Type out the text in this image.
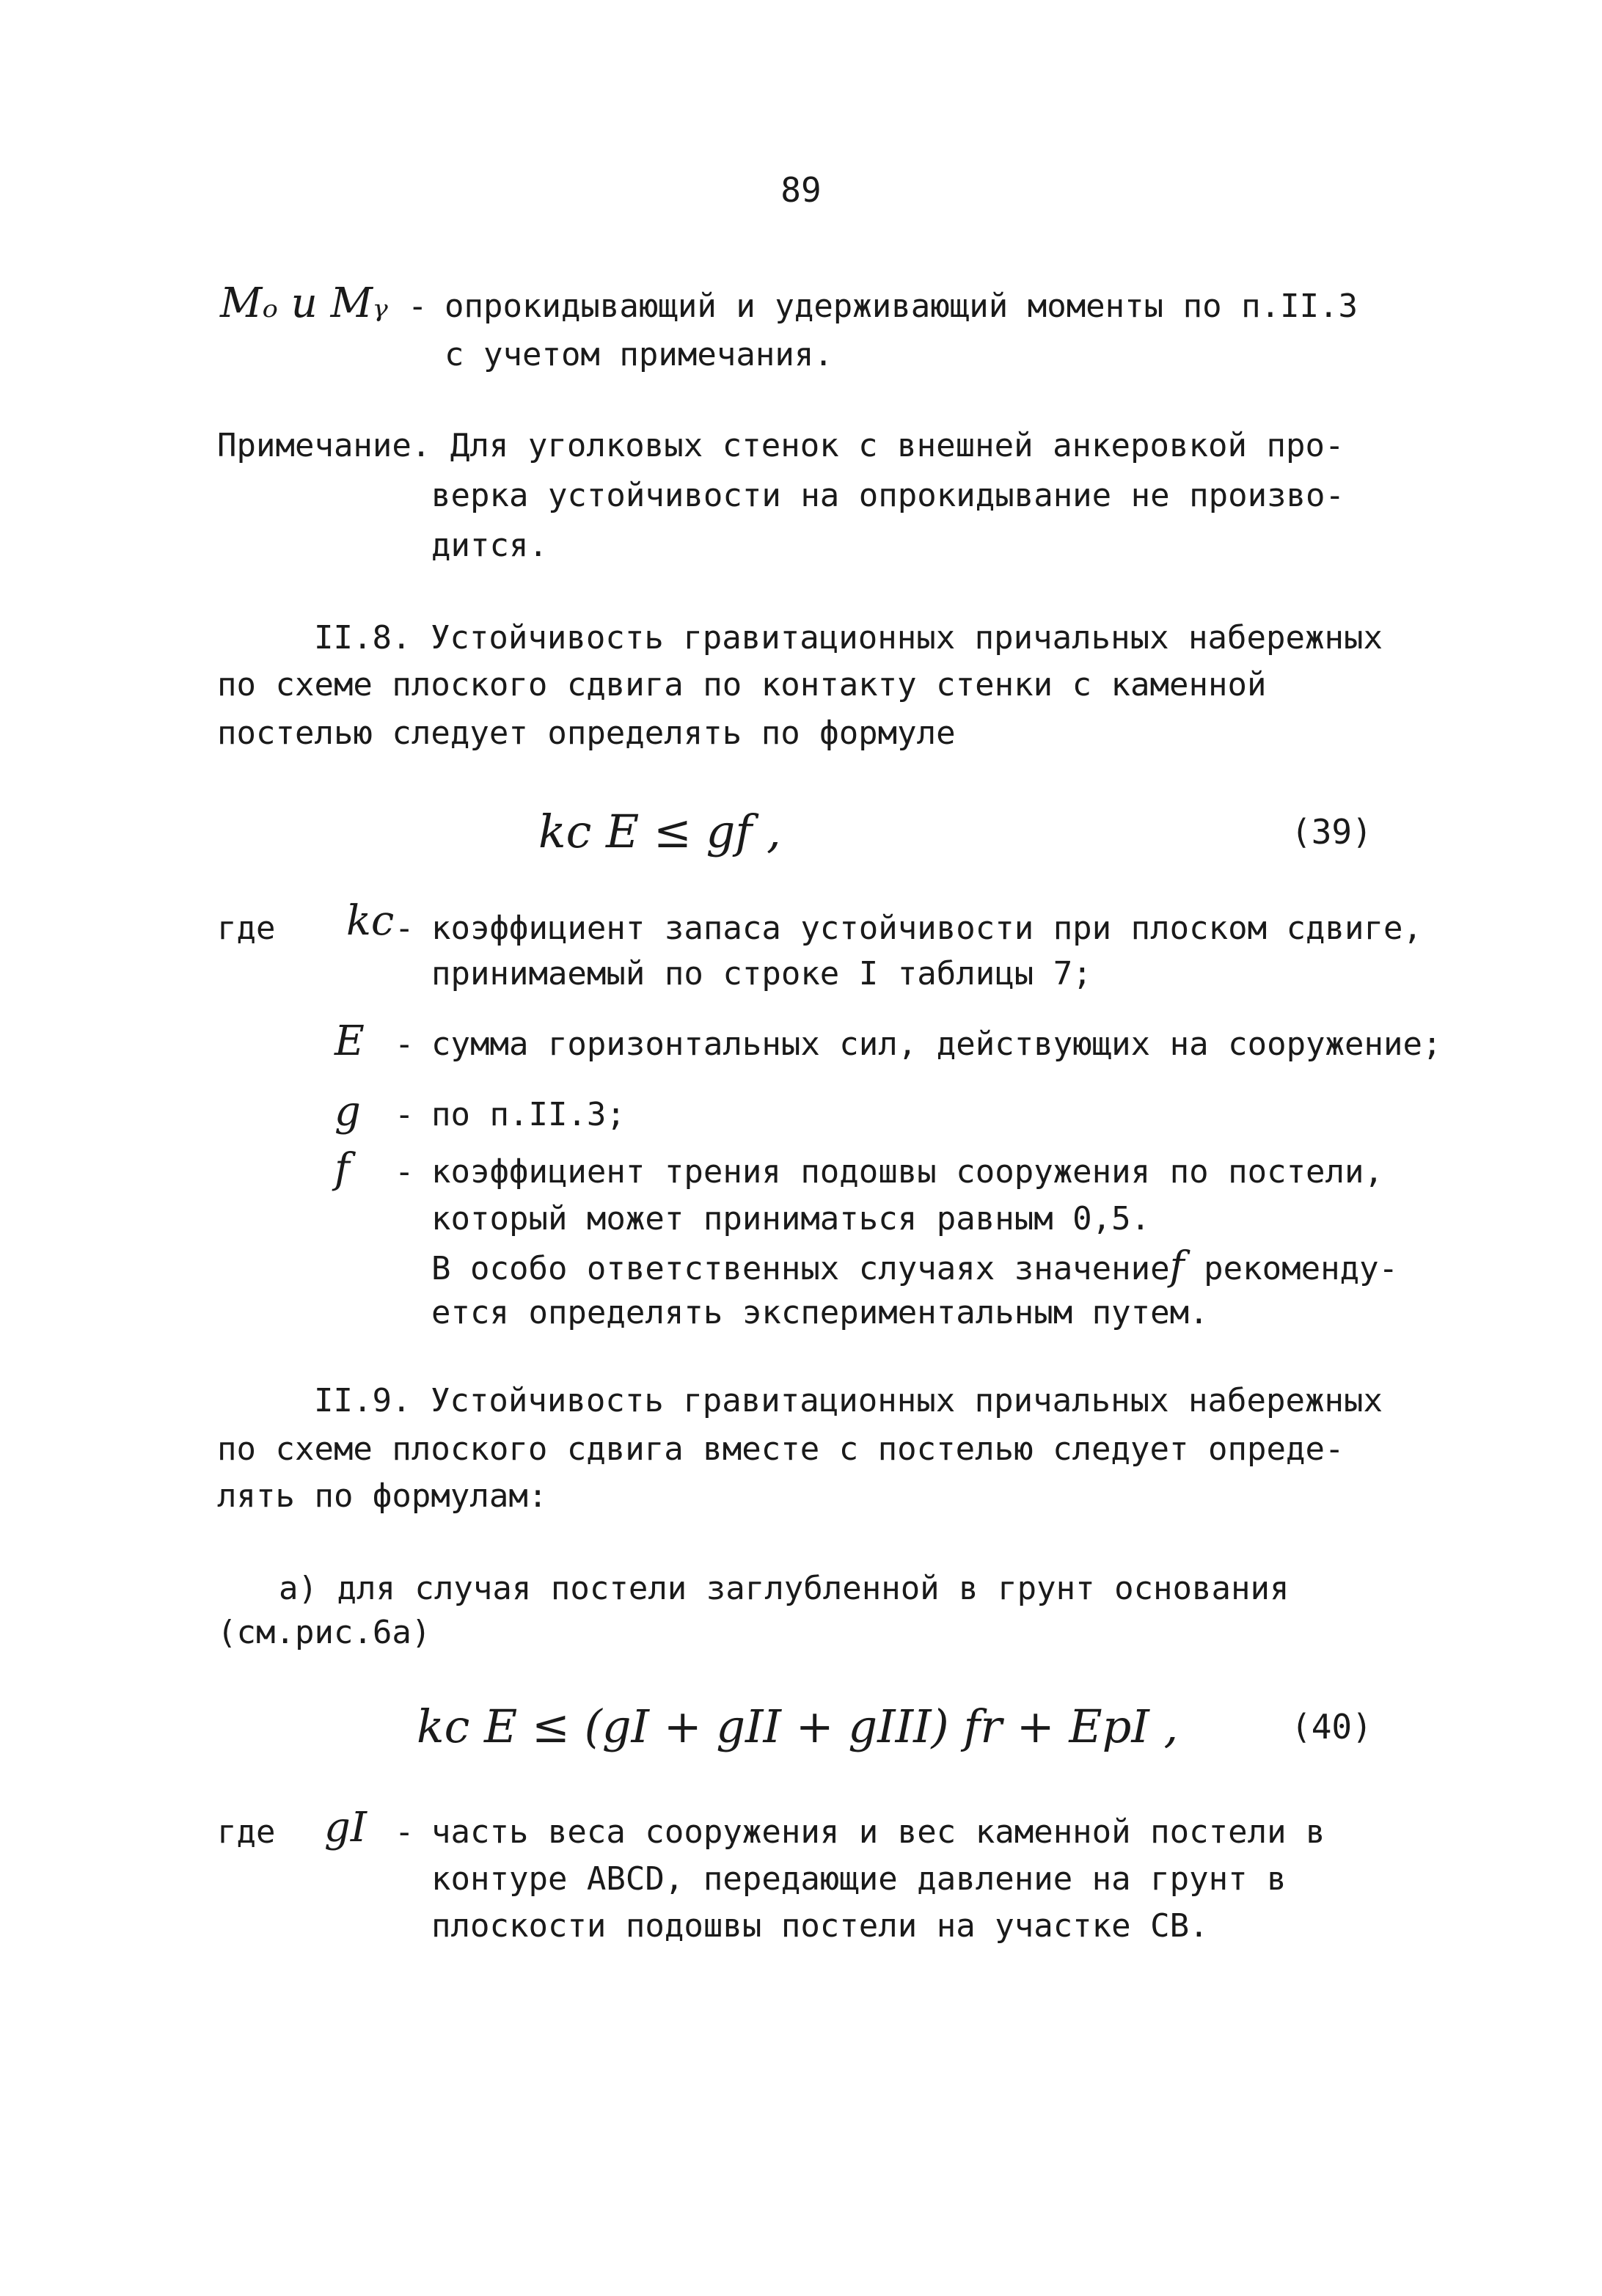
89
Mₒ и Mᵧ - опрокидывающий и удерживающий моменты по п.II.3
с учетом примечания.
Примечание. Для уголковых стенок с внешней анкеровкой про-
верка устойчивости на опрокидывание не произво-
дится.
II.8. Устойчивость гравитационных причальных набережных
по схеме плоского сдвига по контакту стенки с каменной
постелью следует определять по формуле
kc E ≤ gf ,	(39)
где kc - коэффициент запаса устойчивости при плоском сдвиге,
принимаемый по строке I таблицы 7;
E - сумма горизонтальных сил, действующих на сооружение;
g - по п.II.3;
f - коэффициент трения подошвы сооружения по постели,
который может приниматься равным 0,5.
В особо ответственных случаях значениеf рекоменду-
ется определять экспериментальным путем.
II.9. Устойчивость гравитационных причальных набережных
по схеме плоского сдвига вместе с постелью следует опреде-
лять по формулам:
а) для случая постели заглубленной в грунт основания
(см.рис.6а)
kc E ≤ (gI + gII + gIII) fr + EpI ,	(40)
где gI - часть веса сооружения и вес каменной постели в
контуре ABCD, передающие давление на грунт в
плоскости подошвы постели на участке CB.
